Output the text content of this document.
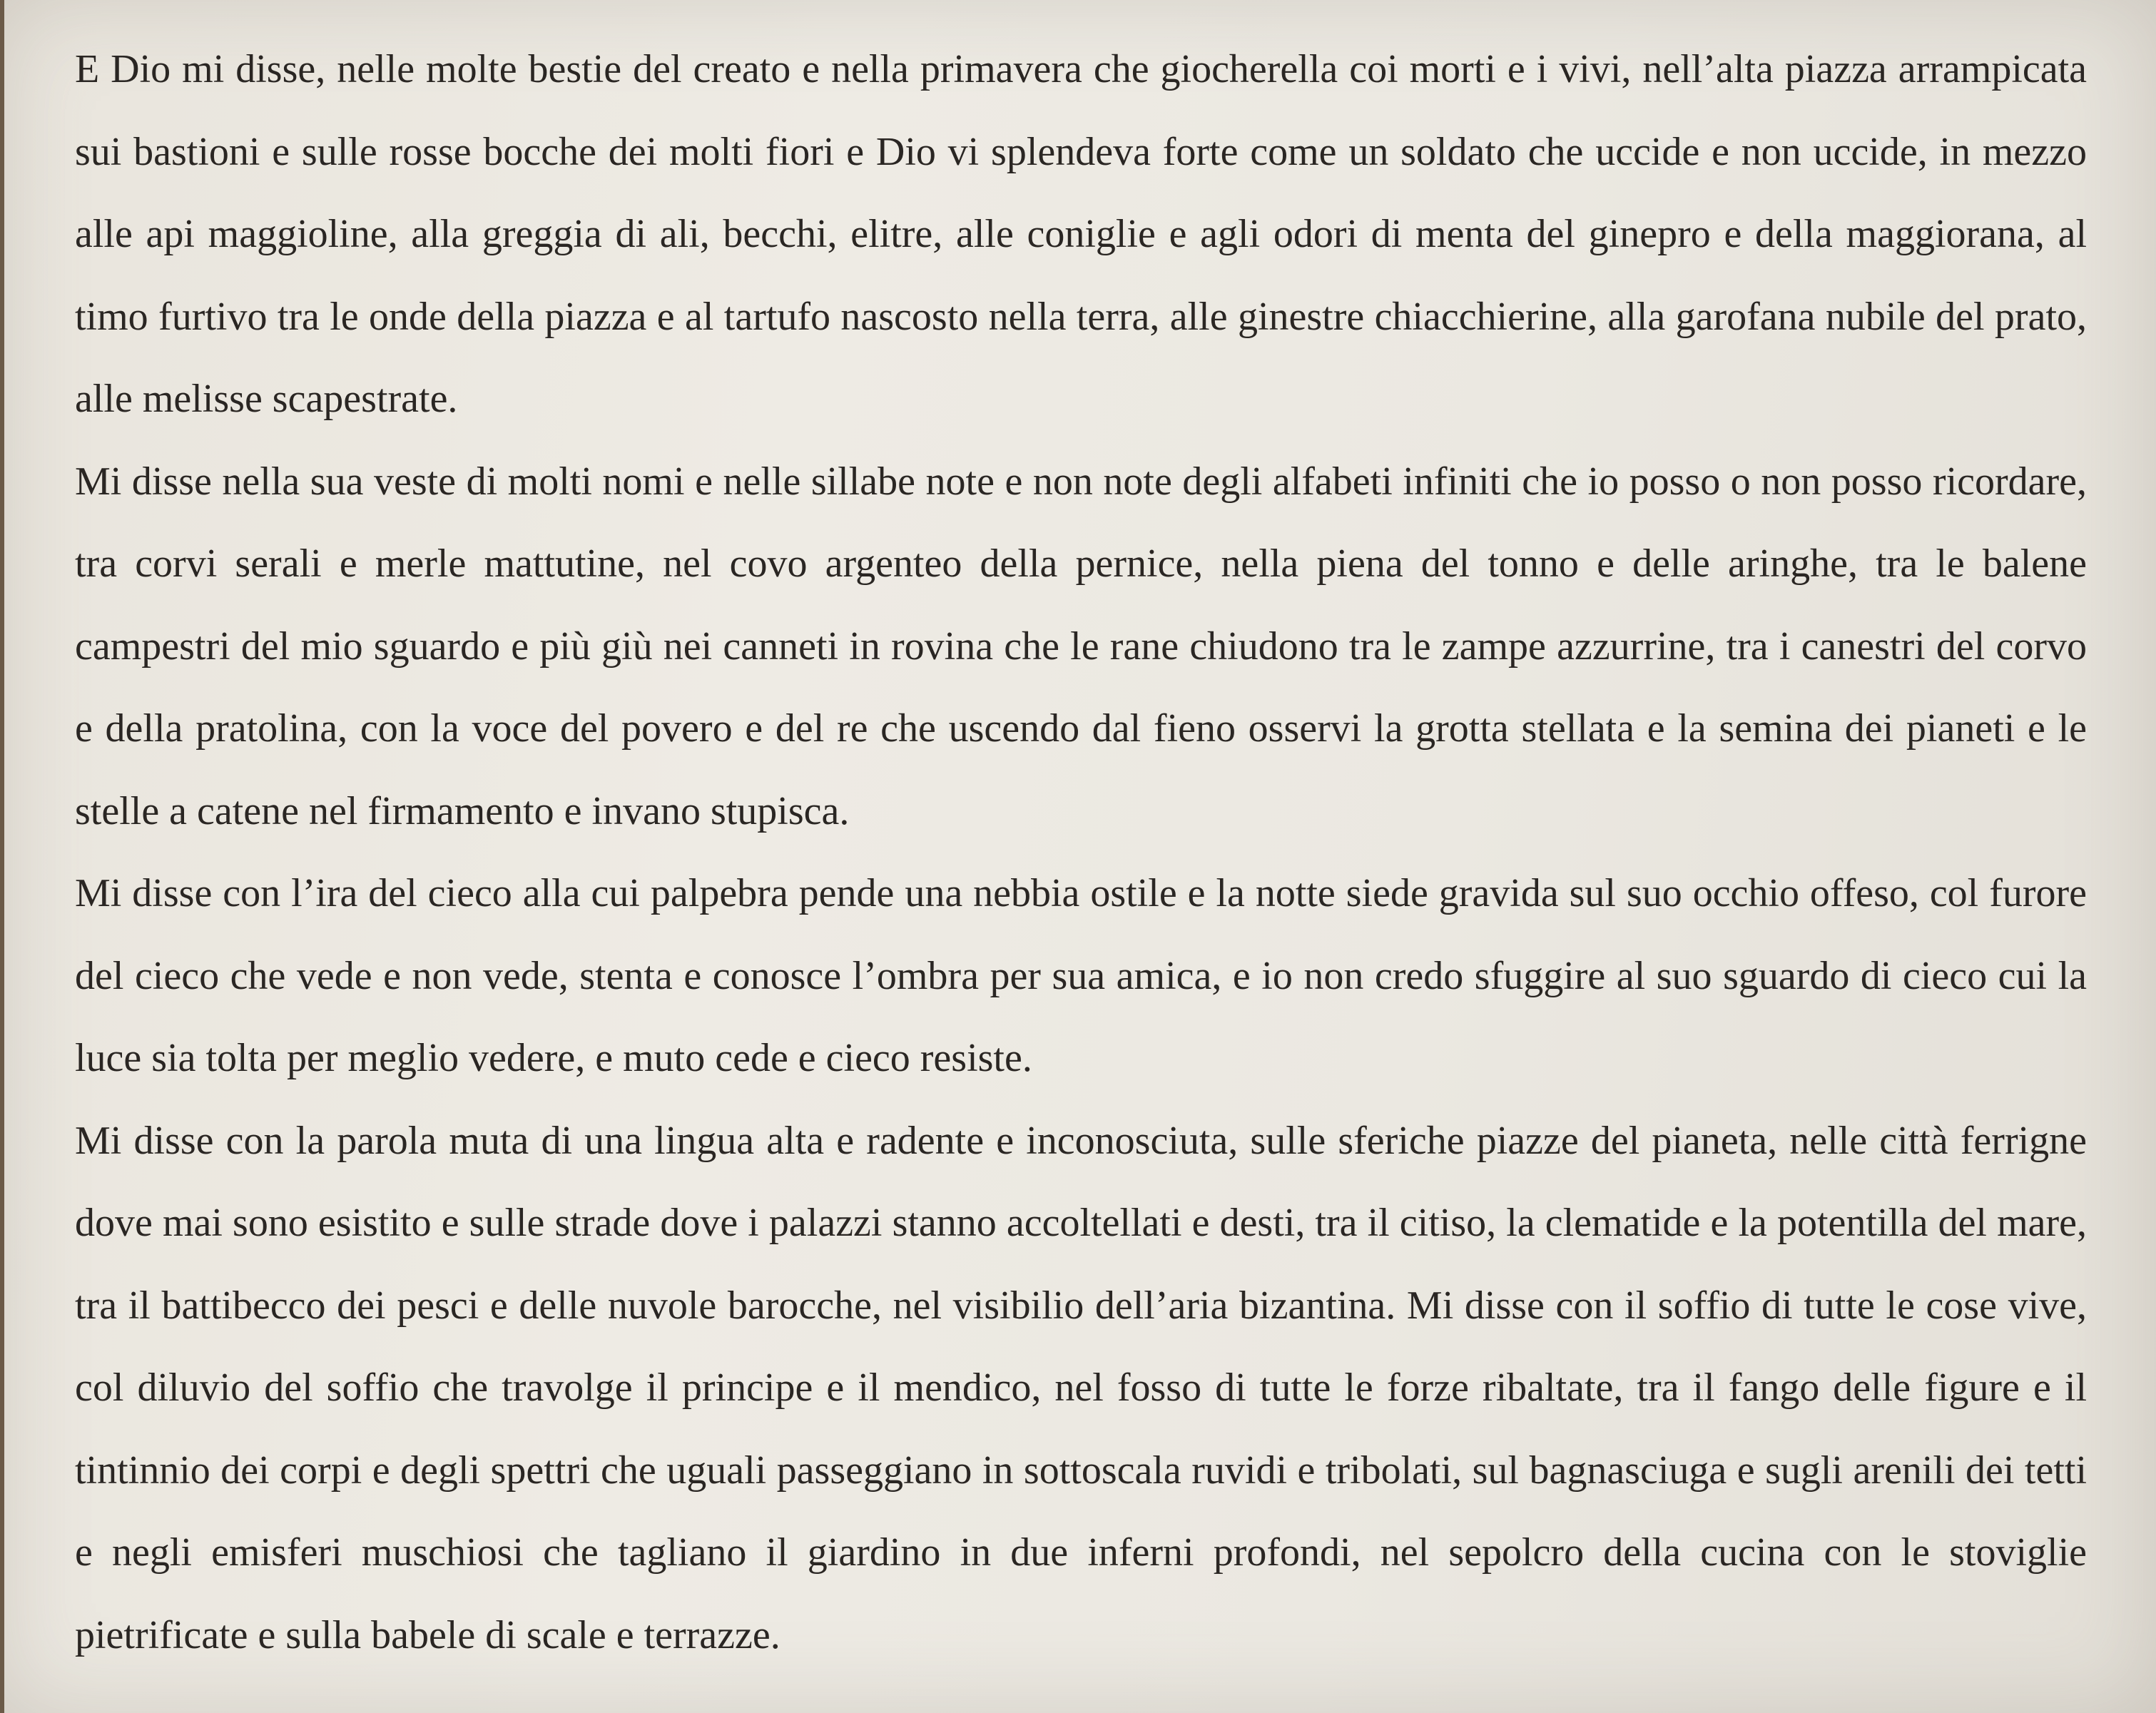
E Dio mi disse, nelle molte bestie del creato e nella primavera che giocherella coi morti e i vivi, nell’alta piazza arrampicata sui bastioni e sulle rosse bocche dei molti fiori e Dio vi splendeva forte come un soldato che uccide e non uccide, in mezzo alle api maggioline, alla greggia di ali, becchi, elitre, alle coniglie e agli odori di menta del ginepro e della maggiorana, al timo furtivo tra le onde della piazza e al tartufo nascosto nella terra, alle ginestre chiacchierine, alla garofana nubile del prato, alle melisse scapestrate.

Mi disse nella sua veste di molti nomi e nelle sillabe note e non note degli alfabeti infiniti che io posso o non posso ricordare, tra corvi serali e merle mattutine, nel covo argenteo della pernice, nella piena del tonno e delle aringhe, tra le balene campestri del mio sguardo e più giù nei canneti in rovina che le rane chiudono tra le zampe azzurrine, tra i canestri del corvo e della pratolina, con la voce del povero e del re che uscendo dal fieno osservi la grotta stellata e la semina dei pianeti e le stelle a catene nel firmamento e invano stupisca.

Mi disse con l’ira del cieco alla cui palpebra pende una nebbia ostile e la notte siede gravida sul suo occhio offeso, col furore del cieco che vede e non vede, stenta e conosce l’ombra per sua amica, e io non credo sfuggire al suo sguardo di cieco cui la luce sia tolta per meglio vedere, e muto cede e cieco resiste.

Mi disse con la parola muta di una lingua alta e radente e inconosciuta, sulle sferiche piazze del pianeta, nelle città ferrigne dove mai sono esistito e sulle strade dove i palazzi stanno accoltellati e desti, tra il citiso, la clematide e la potentilla del mare, tra il battibecco dei pesci e delle nuvole barocche, nel visibilio dell’aria bizantina. Mi disse con il soffio di tutte le cose vive, col diluvio del soffio che travolge il principe e il mendico, nel fosso di tutte le forze ribaltate, tra il fango delle figure e il tintinnio dei corpi e degli spettri che uguali passeggiano in sottoscala ruvidi e tribolati, sul bagnasciuga e sugli arenili dei tetti e negli emisferi muschiosi che tagliano il giardino in due inferni profondi, nel sepolcro della cucina con le stoviglie pietrificate e sulla babele di scale e terrazze.
